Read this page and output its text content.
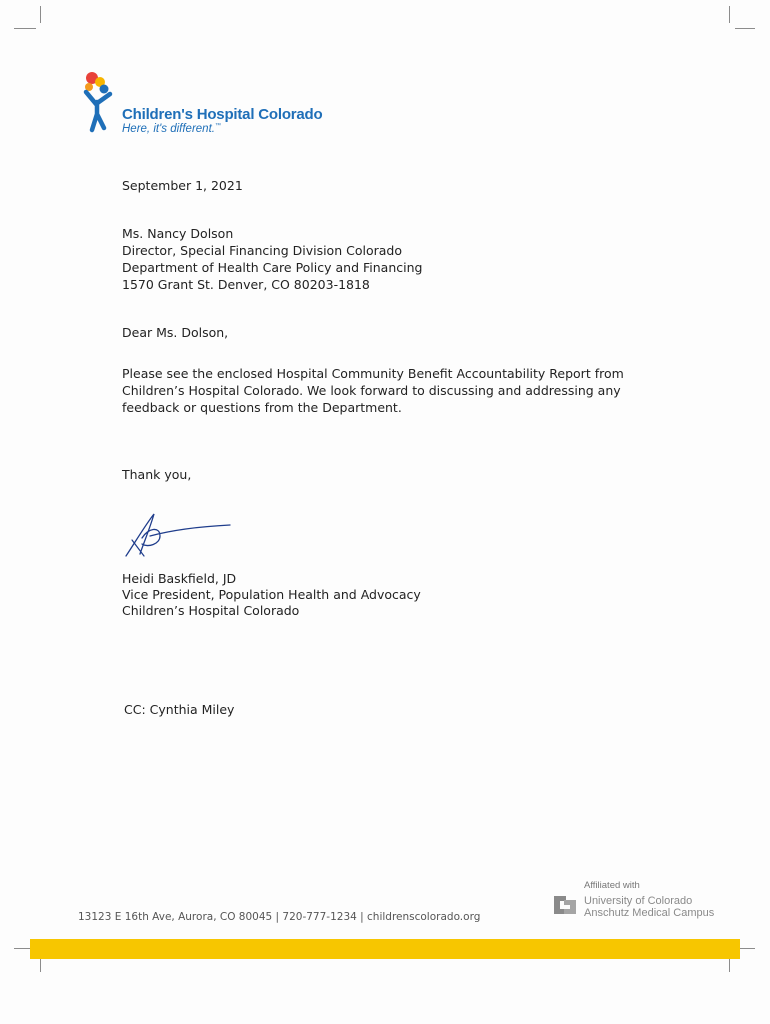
Children's Hospital Colorado
Here, it's different.™
September 1, 2021
Ms. Nancy Dolson
Director, Special Financing Division Colorado
Department of Health Care Policy and Financing
1570 Grant St. Denver, CO 80203-1818
Dear Ms. Dolson,
Please see the enclosed Hospital Community Benefit Accountability Report from
Children’s Hospital Colorado. We look forward to discussing and addressing any
feedback or questions from the Department.
Thank you,
Heidi Baskfield, JD
Vice President, Population Health and Advocacy
Children’s Hospital Colorado
CC: Cynthia Miley
13123 E 16th Ave, Aurora, CO 80045 | 720-777-1234 | childrenscolorado.org
Affiliated with
University of Colorado
Anschutz Medical Campus
